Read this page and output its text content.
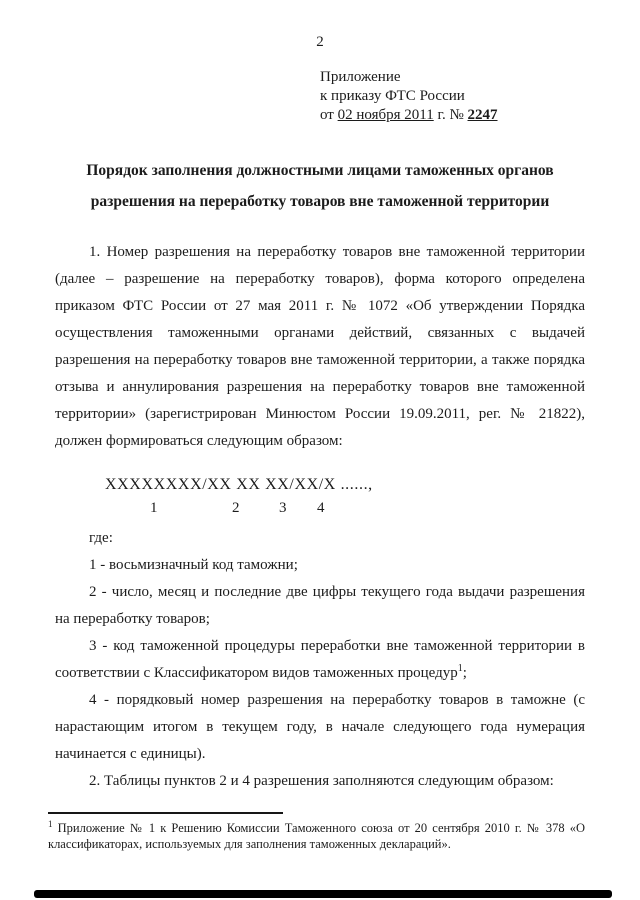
2
Приложение
к приказу ФТС России
от 02 ноября 2011 г. № 2247
Порядок заполнения должностными лицами таможенных органов
разрешения на переработку товаров вне таможенной территории

1. Номер разрешения на переработку товаров вне таможенной территории (далее – разрешение на переработку товаров), форма которого определена приказом ФТС России от 27 мая 2011 г. № 1072 «Об утверждении Порядка осуществления таможенными органами действий, связанных с выдачей разрешения на переработку товаров вне таможенной территории, а также порядка отзыва и аннулирования разрешения на переработку товаров вне таможенной территории» (зарегистрирован Минюстом России 19.09.2011, рег. № 21822), должен формироваться следующим образом:

ХХХХХХХХ/ХХ ХХ ХХ/ХХ/Х ......,
1	2	3 4

где:

1 - восьмизначный код таможни;

2 - число, месяц и последние две цифры текущего года выдачи разрешения на переработку товаров;

3 - код таможенной процедуры переработки вне таможенной территории в соответствии с Классификатором видов таможенных процедур$^1$;

4 - порядковый номер разрешения на переработку товаров в таможне (с нарастающим итогом в текущем году, в начале следующего года нумерация начинается с единицы).

2. Таблицы пунктов 2 и 4 разрешения заполняются следующим образом:

$^1$ Приложение № 1 к Решению Комиссии Таможенного союза от 20 сентября 2010 г. № 378 «О классификаторах, используемых для заполнения таможенных деклараций».
